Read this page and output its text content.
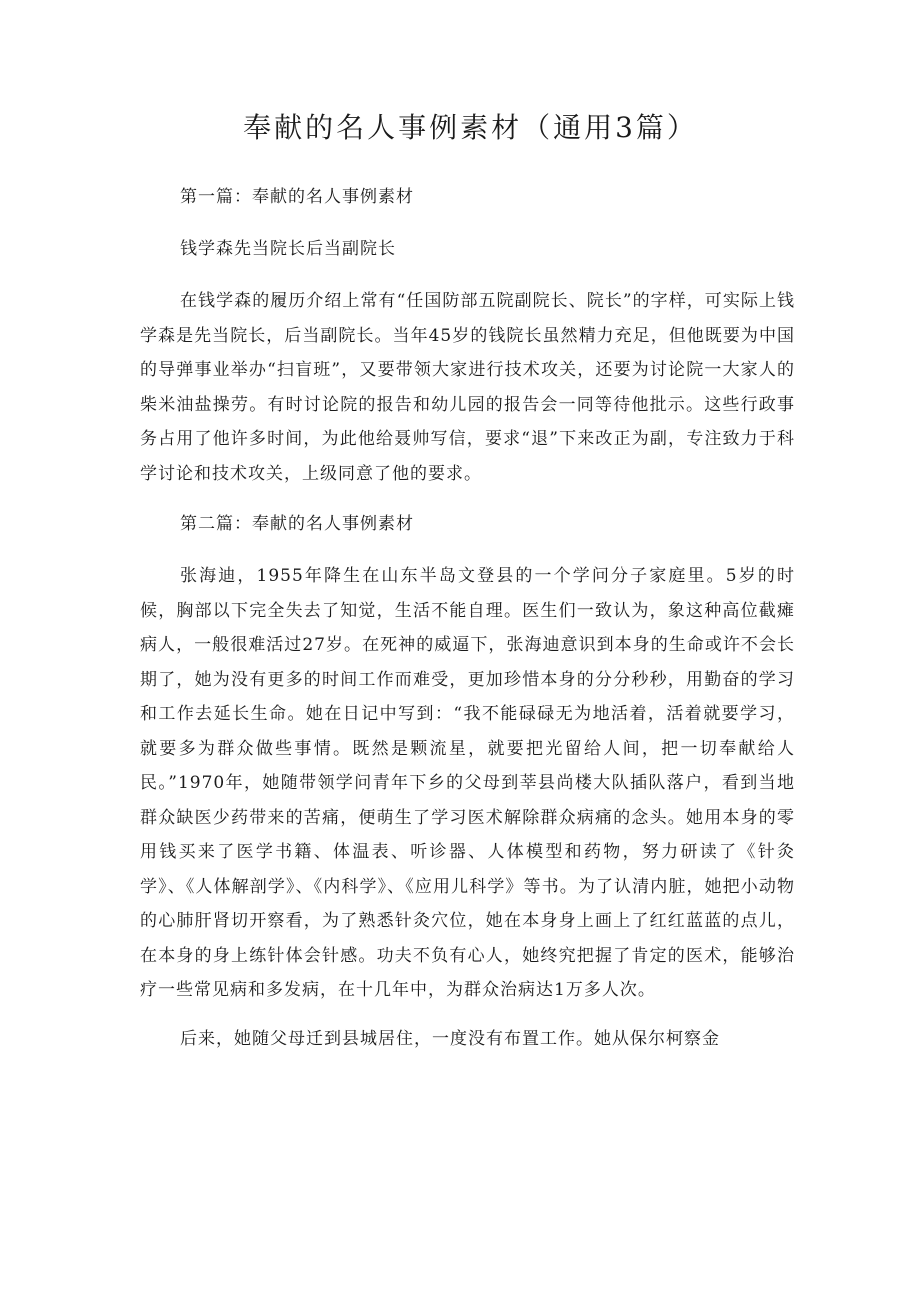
奉献的名人事例素材（通用3篇）

第一篇：奉献的名人事例素材

钱学森先当院长后当副院长

在钱学森的履历介绍上常有“任国防部五院副院长、院长”的字样，可实际上钱学森是先当院长，后当副院长。当年45岁的钱院长虽然精力充足，但他既要为中国的导弹事业举办“扫盲班”，又要带领大家进行技术攻关，还要为讨论院一大家人的柴米油盐操劳。有时讨论院的报告和幼儿园的报告会一同等待他批示。这些行政事务占用了他许多时间，为此他给聂帅写信，要求“退”下来改正为副，专注致力于科学讨论和技术攻关，上级同意了他的要求。

第二篇：奉献的名人事例素材

张海迪，1955年降生在山东半岛文登县的一个学问分子家庭里。5岁的时候，胸部以下完全失去了知觉，生活不能自理。医生们一致认为，象这种高位截瘫病人，一般很难活过27岁。在死神的威逼下，张海迪意识到本身的生命或许不会长期了，她为没有更多的时间工作而难受，更加珍惜本身的分分秒秒，用勤奋的学习和工作去延长生命。她在日记中写到：“我不能碌碌无为地活着，活着就要学习，就要多为群众做些事情。既然是颗流星，就要把光留给人间，把一切奉献给人民。”1970年，她随带领学问青年下乡的父母到莘县尚楼大队插队落户，看到当地群众缺医少药带来的苦痛，便萌生了学习医术解除群众病痛的念头。她用本身的零用钱买来了医学书籍、体温表、听诊器、人体模型和药物，努力研读了《针灸学》、《人体解剖学》、《内科学》、《应用儿科学》等书。为了认清内脏，她把小动物的心肺肝肾切开察看，为了熟悉针灸穴位，她在本身身上画上了红红蓝蓝的点儿，在本身的身上练针体会针感。功夫不负有心人，她终究把握了肯定的医术，能够治疗一些常见病和多发病，在十几年中，为群众治病达1万多人次。

后来，她随父母迁到县城居住，一度没有布置工作。她从保尔柯察金
